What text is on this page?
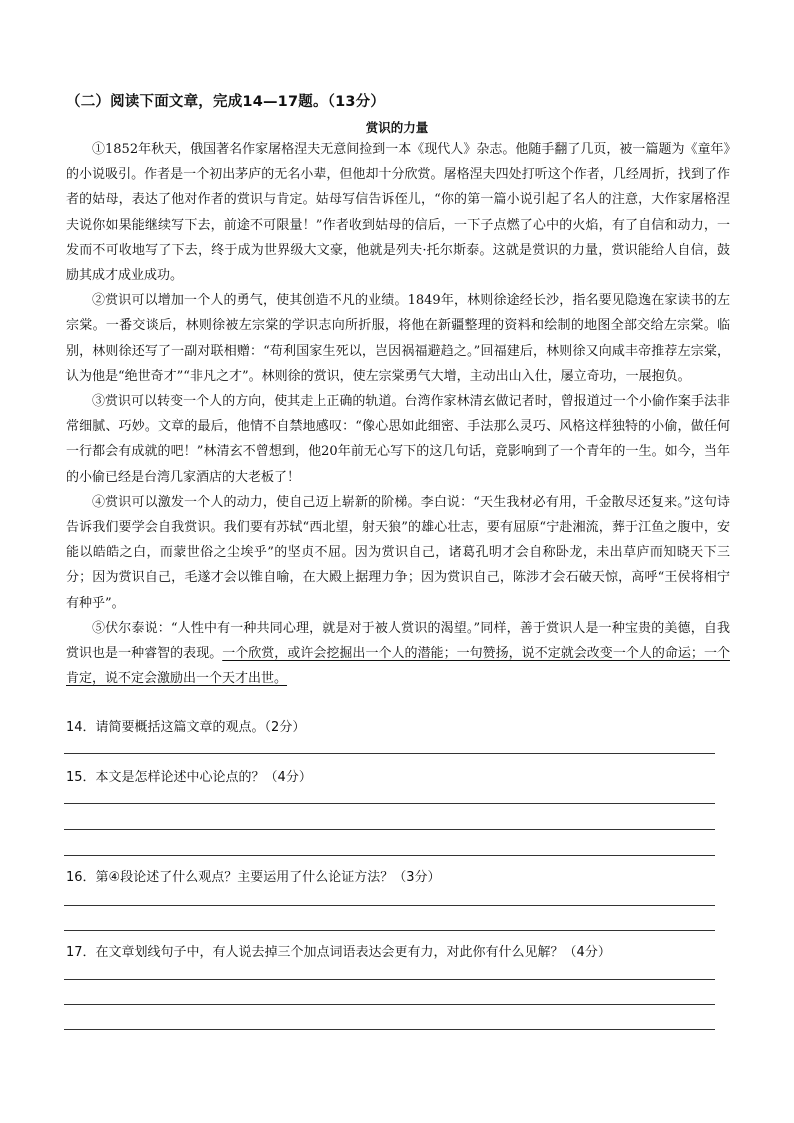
（二）阅读下面文章，完成14—17题。（13分）
赏识的力量

①1852年秋天，俄国著名作家屠格涅夫无意间捡到一本《现代人》杂志。他随手翻了几页，被一篇题为《童年》的小说吸引。作者是一个初出茅庐的无名小辈，但他却十分欣赏。屠格涅夫四处打听这个作者，几经周折，找到了作者的姑母，表达了他对作者的赏识与肯定。姑母写信告诉侄儿，“你的第一篇小说引起了名人的注意，大作家屠格涅夫说你如果能继续写下去，前途不可限量！”作者收到姑母的信后，一下子点燃了心中的火焰，有了自信和动力，一发而不可收地写了下去，终于成为世界级大文豪，他就是列夫·托尔斯泰。这就是赏识的力量，赏识能给人自信，鼓励其成才成业成功。

②赏识可以增加一个人的勇气，使其创造不凡的业绩。1849年，林则徐途经长沙，指名要见隐逸在家读书的左宗棠。一番交谈后，林则徐被左宗棠的学识志向所折服，将他在新疆整理的资料和绘制的地图全部交给左宗棠。临别，林则徐还写了一副对联相赠：“苟利国家生死以，岂因祸福避趋之。”回福建后，林则徐又向咸丰帝推荐左宗棠，认为他是“绝世奇才”“非凡之才”。林则徐的赏识，使左宗棠勇气大增，主动出山入仕，屡立奇功，一展抱负。

③赏识可以转变一个人的方向，使其走上正确的轨道。台湾作家林清玄做记者时，曾报道过一个小偷作案手法非常细腻、巧妙。文章的最后，他情不自禁地感叹：“像心思如此细密、手法那么灵巧、风格这样独特的小偷，做任何一行都会有成就的吧！”林清玄不曾想到，他20年前无心写下的这几句话，竟影响到了一个青年的一生。如今，当年的小偷已经是台湾几家酒店的大老板了！

④赏识可以激发一个人的动力，使自己迈上崭新的阶梯。李白说：“天生我材必有用，千金散尽还复来。”这句诗告诉我们要学会自我赏识。我们要有苏轼“西北望，射天狼”的雄心壮志，要有屈原“宁赴湘流，葬于江鱼之腹中，安能以皓皓之白，而蒙世俗之尘埃乎”的坚贞不屈。因为赏识自己，诸葛孔明才会自称卧龙，未出草庐而知晓天下三分；因为赏识自己，毛遂才会以锥自喻，在大殿上据理力争；因为赏识自己，陈涉才会石破天惊，高呼“王侯将相宁有种乎”。

⑤伏尔泰说：“人性中有一种共同心理，就是对于被人赏识的渴望。”同样，善于赏识人是一种宝贵的美德，自我赏识也是一种睿智的表现。一个欣赏，或许会挖掘出一个人的潜能；一句赞扬，说不定就会改变一个人的命运；一个肯定，说不定会激励出一个天才出世。

14．请简要概括这篇文章的观点。（2分）
15．本文是怎样论述中心论点的？（4分）
16．第④段论述了什么观点？主要运用了什么论证方法？（3分）
17．在文章划线句子中，有人说去掉三个加点词语表达会更有力，对此你有什么见解？（4分）
